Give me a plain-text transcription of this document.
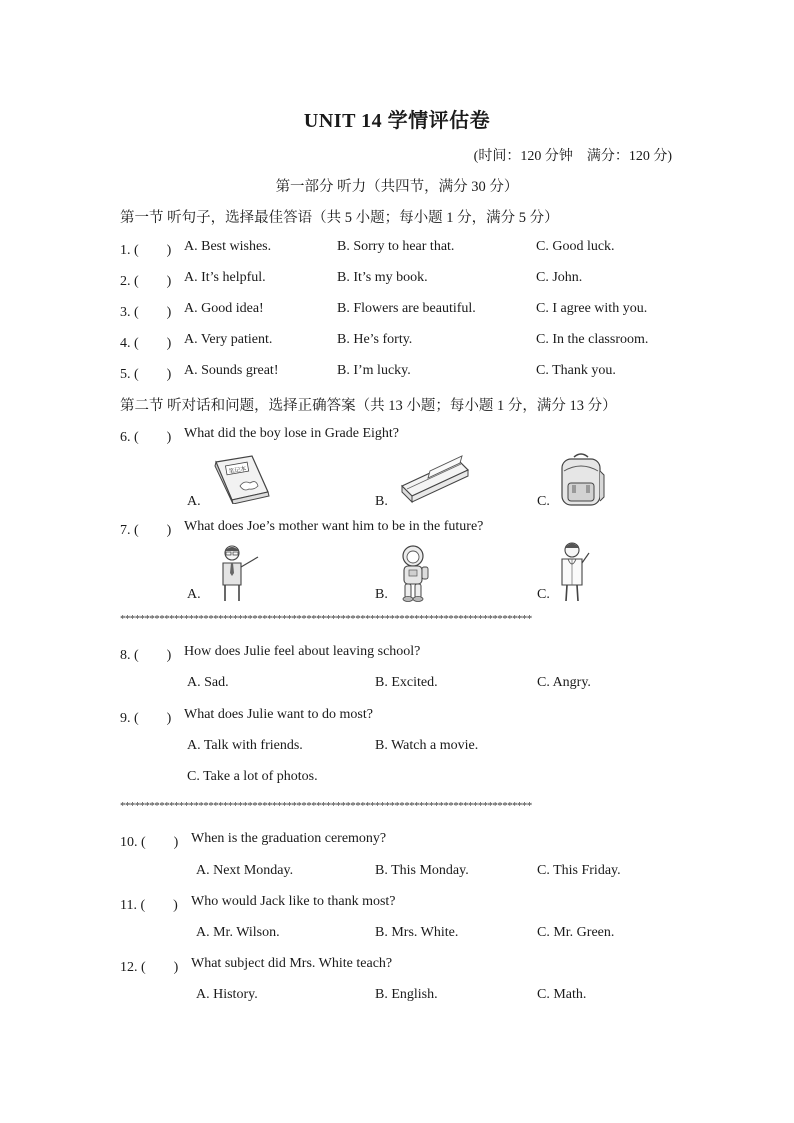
UNIT 14 学情评估卷
(时间：120 分钟　满分：120 分)
第一部分 听力（共四节，满分 30 分）
第一节 听句子，选择最佳答语（共 5 小题；每小题 1 分，满分 5 分）
1. (　　) A. Best wishes.	B. Sorry to hear that.	C. Good luck.
2. (　　) A. It’s helpful.	B. It’s my book.	C. John.
3. (　　) A. Good idea!	B. Flowers are beautiful.	C. I agree with you.
4. (　　) A. Very patient.	B. He’s forty.	C. In the classroom.
5. (　　) A. Sounds great!	B. I’m lucky.	C. Thank you.
第二节 听对话和问题，选择正确答案（共 13 小题；每小题 1 分，满分 13 分）
6. (　　) What did the boy lose in Grade Eight?
A.	B.	C.
笔记本
7. (　　) What does Joe’s mother want him to be in the future?
A.	B.	C.
************************************************************************************
8. (　　) How does Julie feel about leaving school?
A. Sad.	B. Excited.	C. Angry.
9. (　　) What does Julie want to do most?
A. Talk with friends.	B. Watch a movie.
C. Take a lot of photos.
************************************************************************************
10. (　　) When is the graduation ceremony?
A. Next Monday.	B. This Monday.	C. This Friday.
11. (　　) Who would Jack like to thank most?
A. Mr. Wilson.	B. Mrs. White.	C. Mr. Green.
12. (　　) What subject did Mrs. White teach?
A. History.	B. English.	C. Math.
